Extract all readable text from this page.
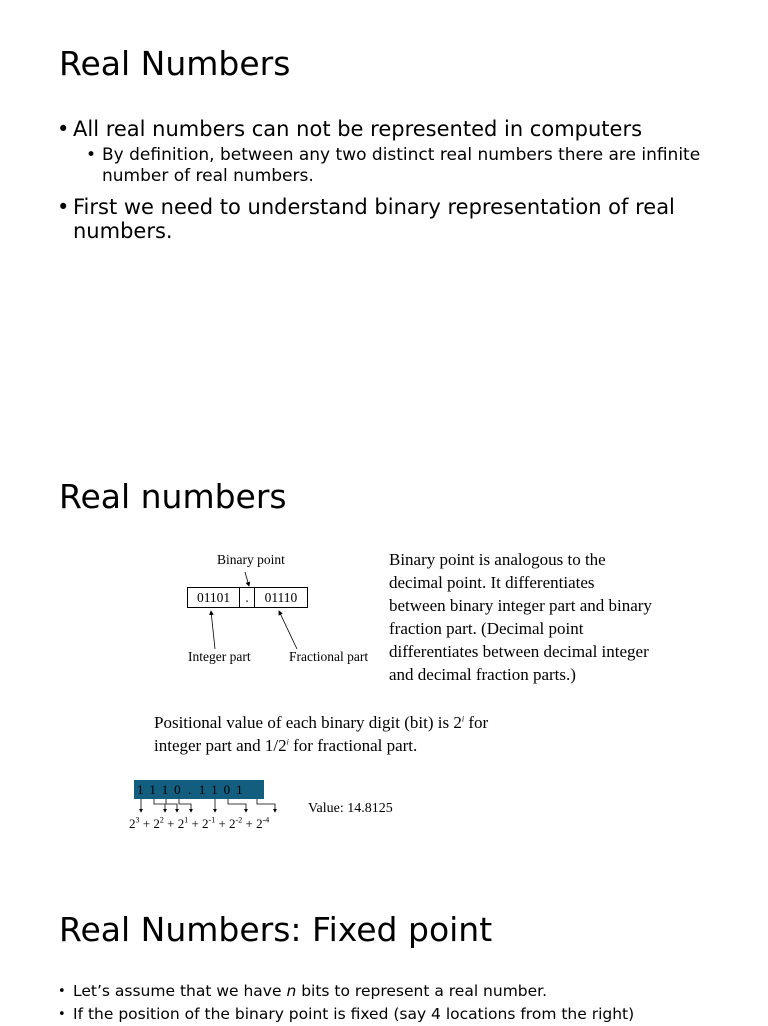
Real Numbers
• All real numbers can not be represented in computers
• By definition, between any two distinct real numbers there are infinite number of real numbers.
• First we need to understand binary representation of real numbers.
Real numbers
Binary point
01101	.	01110
Integer part	Fractional part
Binary point is analogous to the decimal point. It differentiates between binary integer part and binary fraction part. (Decimal point differentiates between decimal integer and decimal fraction parts.)
Positional value of each binary digit (bit) is 2$^i$ for
integer part and 1/2$^i$ for fractional part.
1 1 1 0 . 1 1 0 1
$2^3 + 2^2 + 2^1 + 2^{-1} + 2^{-2} + 2^{-4}$
Value: 14.8125
Real Numbers: Fixed point
• Let’s assume that we have n bits to represent a real number.
• If the position of the binary point is fixed (say 4 locations from the right)
